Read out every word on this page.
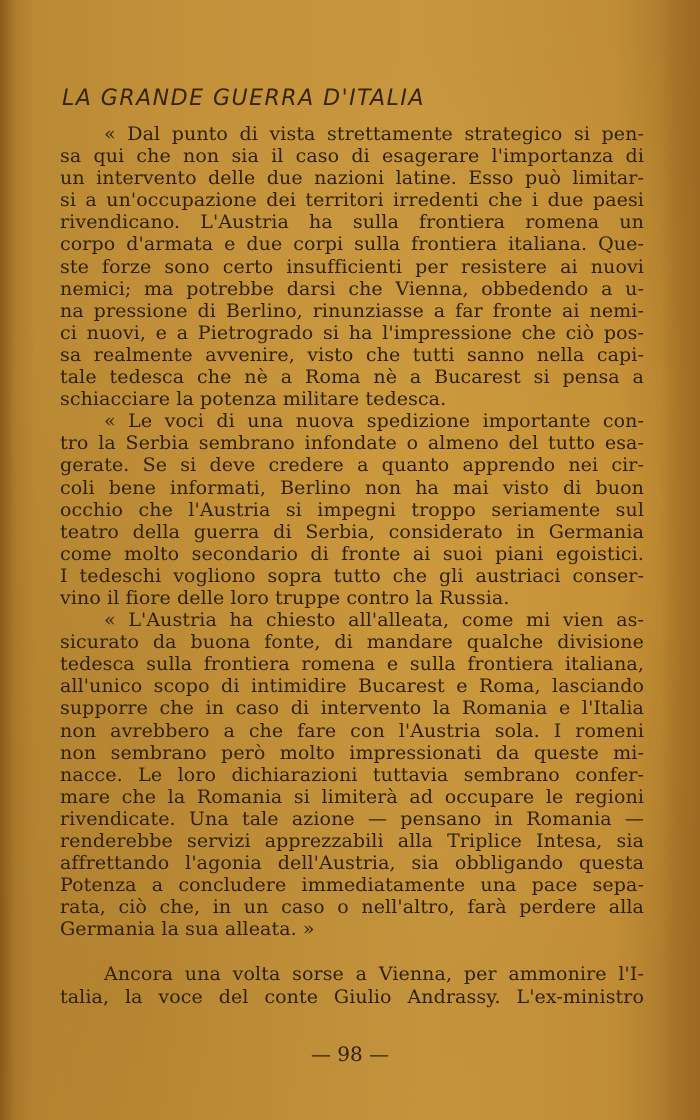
LA GRANDE GUERRA D'ITALIA
« Dal punto di vista strettamente strategico si pen-
sa qui che non sia il caso di esagerare l'importanza di
un intervento delle due nazioni latine. Esso può limitar-
si a un'occupazione dei territori irredenti che i due paesi
rivendicano. L'Austria ha sulla frontiera romena un
corpo d'armata e due corpi sulla frontiera italiana. Que-
ste forze sono certo insufficienti per resistere ai nuovi
nemici; ma potrebbe darsi che Vienna, obbedendo a u-
na pressione di Berlino, rinunziasse a far fronte ai nemi-
ci nuovi, e a Pietrogrado si ha l'impressione che ciò pos-
sa realmente avvenire, visto che tutti sanno nella capi-
tale tedesca che nè a Roma nè a Bucarest si pensa a
schiacciare la potenza militare tedesca.
« Le voci di una nuova spedizione importante con-
tro la Serbia sembrano infondate o almeno del tutto esa-
gerate. Se si deve credere a quanto apprendo nei cir-
coli bene informati, Berlino non ha mai visto di buon
occhio che l'Austria si impegni troppo seriamente sul
teatro della guerra di Serbia, considerato in Germania
come molto secondario di fronte ai suoi piani egoistici.
I tedeschi vogliono sopra tutto che gli austriaci conser-
vino il fiore delle loro truppe contro la Russia.
« L'Austria ha chiesto all'alleata, come mi vien as-
sicurato da buona fonte, di mandare qualche divisione
tedesca sulla frontiera romena e sulla frontiera italiana,
all'unico scopo di intimidire Bucarest e Roma, lasciando
supporre che in caso di intervento la Romania e l'Italia
non avrebbero a che fare con l'Austria sola. I romeni
non sembrano però molto impressionati da queste mi-
nacce. Le loro dichiarazioni tuttavia sembrano confer-
mare che la Romania si limiterà ad occupare le regioni
rivendicate. Una tale azione — pensano in Romania —
renderebbe servizi apprezzabili alla Triplice Intesa, sia
affrettando l'agonia dell'Austria, sia obbligando questa
Potenza a concludere immediatamente una pace sepa-
rata, ciò che, in un caso o nell'altro, farà perdere alla
Germania la sua alleata. »
Ancora una volta sorse a Vienna, per ammonire l'I-
talia, la voce del conte Giulio Andrassy. L'ex-ministro

— 98 —
